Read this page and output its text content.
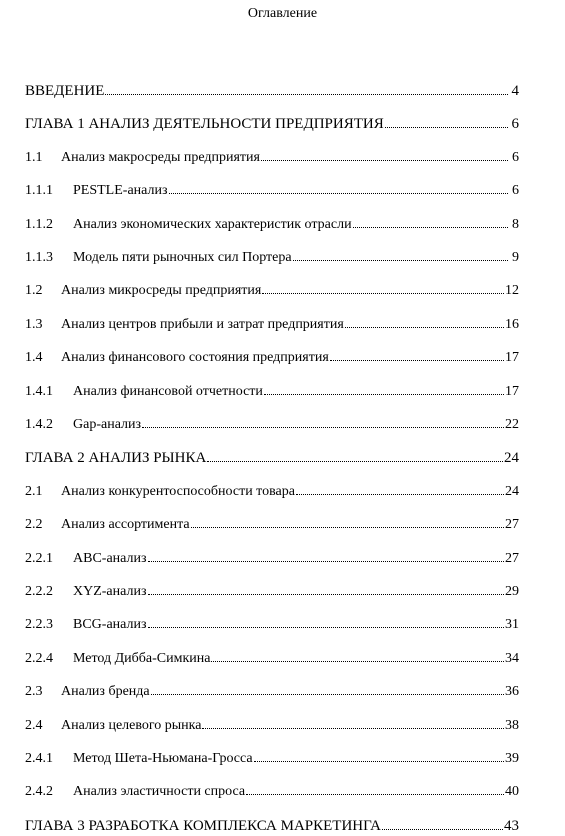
Оглавление
ВВЕДЕНИЕ	4
ГЛАВА 1 АНАЛИЗ ДЕЯТЕЛЬНОСТИ ПРЕДПРИЯТИЯ	6
1.1	Анализ макросреды предприятия	6
1.1.1	PESTLE-анализ	6
1.1.2	Анализ экономических характеристик отрасли	8
1.1.3	Модель пяти рыночных сил Портера	9
1.2	Анализ микросреды предприятия	12
1.3	Анализ центров прибыли и затрат предприятия	16
1.4	Анализ финансового состояния предприятия	17
1.4.1	Анализ финансовой отчетности	17
1.4.2	Gap-анализ	22
ГЛАВА 2 АНАЛИЗ РЫНКА	24
2.1	Анализ конкурентоспособности товара	24
2.2	Анализ ассортимента	27
2.2.1	ABC-анализ	27
2.2.2	XYZ-анализ	29
2.2.3	BCG-анализ	31
2.2.4	Метод Дибба-Симкина	34
2.3	Анализ бренда	36
2.4	Анализ целевого рынка	38
2.4.1	Метод Шета-Ньюмана-Гросса	39
2.4.2	Анализ эластичности спроса	40
ГЛАВА 3 РАЗРАБОТКА КОМПЛЕКСА МАРКЕТИНГА	43
